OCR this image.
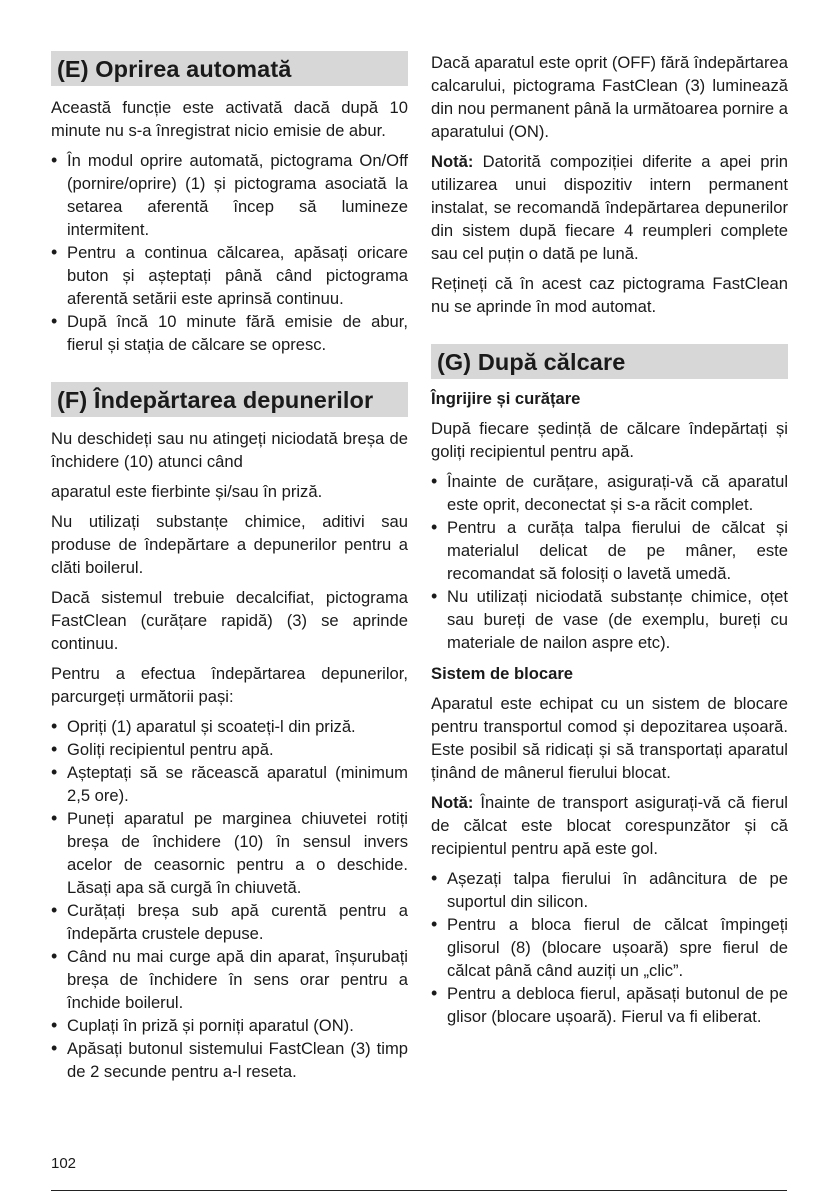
(E) Oprirea automată

Această funcție este activată dacă după 10 minute nu s-a înregistrat nicio emisie de abur.

• În modul oprire automată, pictograma On/Off (pornire/oprire) (1) și pictograma asociată la setarea aferentă încep să lumineze intermitent.
• Pentru a continua călcarea, apăsați oricare buton și așteptați până când pictograma aferentă setării este aprinsă continuu.
• După încă 10 minute fără emisie de abur, fierul și stația de călcare se opresc.
(F) Îndepărtarea depunerilor

Nu deschideți sau nu atingeți niciodată breșa de închidere (10) atunci când

aparatul este fierbinte și/sau în priză.

Nu utilizați substanțe chimice, aditivi sau produse de îndepărtare a depunerilor pentru a clăti boilerul.

Dacă sistemul trebuie decalcifiat, pictograma FastClean (curățare rapidă) (3) se aprinde continuu.

Pentru a efectua îndepărtarea depunerilor, parcurgeți următorii pași:

• Opriți (1) aparatul și scoateți-l din priză.
• Goliți recipientul pentru apă.
• Așteptați să se răcească aparatul (minimum 2,5 ore).
• Puneți aparatul pe marginea chiuvetei rotiți breșa de închidere (10) în sensul invers acelor de ceasornic pentru a o deschide. Lăsați apa să curgă în chiuvetă.
• Curățați breșa sub apă curentă pentru a îndepărta crustele depuse.
• Când nu mai curge apă din aparat, înșurubați breșa de închidere în sens orar pentru a închide boilerul.
• Cuplați în priză și porniți aparatul (ON).
• Apăsați butonul sistemului FastClean (3) timp de 2 secunde pentru a-l reseta.

Dacă aparatul este oprit (OFF) fără îndepărtarea calcarului, pictograma FastClean (3) luminează din nou permanent până la următoarea pornire a aparatului (ON).

Notă: Datorită compoziției diferite a apei prin utilizarea unui dispozitiv intern permanent instalat, se recomandă îndepărtarea depunerilor din sistem după fiecare 4 reumpleri complete sau cel puțin o dată pe lună.

Rețineți că în acest caz pictograma FastClean nu se aprinde în mod automat.

(G) După călcare

Îngrijire și curățare

După fiecare ședință de călcare îndepărtați și goliți recipientul pentru apă.

• Înainte de curățare, asigurați-vă că aparatul este oprit, deconectat și s-a răcit complet.
• Pentru a curăța talpa fierului de călcat și materialul delicat de pe mâner, este recomandat să folosiți o lavetă umedă.
• Nu utilizați niciodată substanțe chimice, oțet sau bureți de vase (de exemplu, bureți cu materiale de nailon aspre etc).

Sistem de blocare

Aparatul este echipat cu un sistem de blocare pentru transportul comod și depozitarea ușoară. Este posibil să ridicați și să transportați aparatul ținând de mânerul fierului blocat.

Notă: Înainte de transport asigurați-vă că fierul de călcat este blocat corespunzător și că recipientul pentru apă este gol.

• Așezați talpa fierului în adâncitura de pe suportul din silicon.
• Pentru a bloca fierul de călcat împingeți glisorul (8) (blocare ușoară) spre fierul de călcat până când auziți un „clic”.
• Pentru a debloca fierul, apăsați butonul de pe glisor (blocare ușoară). Fierul va fi eliberat.
102
